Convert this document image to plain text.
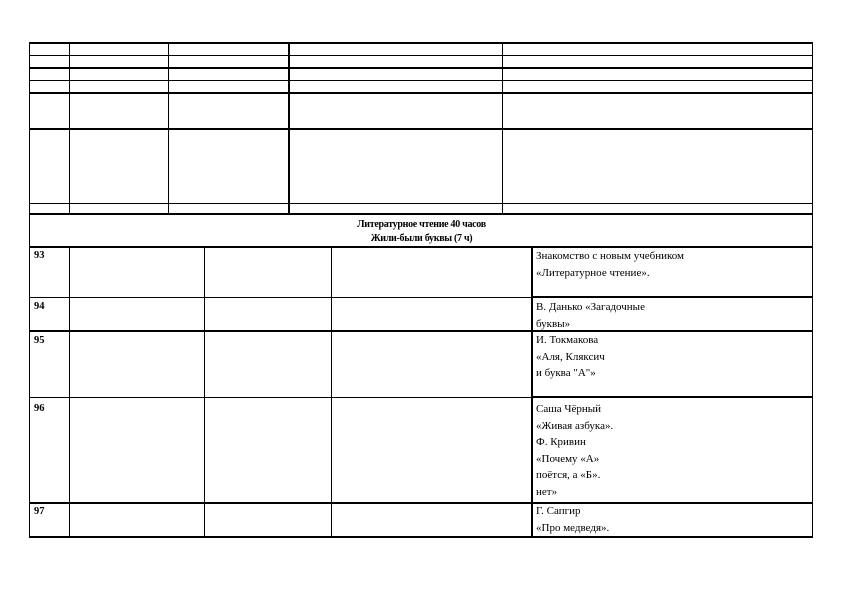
Литературное чтение 40 часов
Жили-были буквы (7 ч)
93	Знакомство с новым учебником
«Литературное чтение».
94	В. Данько «Загадочные
буквы»
95	И. Токмакова
«Аля, Кляксич
и буква "А"»
96	Саша Чёрный
«Живая азбука».
Ф. Кривин
«Почему «А»
поётся, а «Б».
нет»
97	Г. Сапгир
«Про медведя».
